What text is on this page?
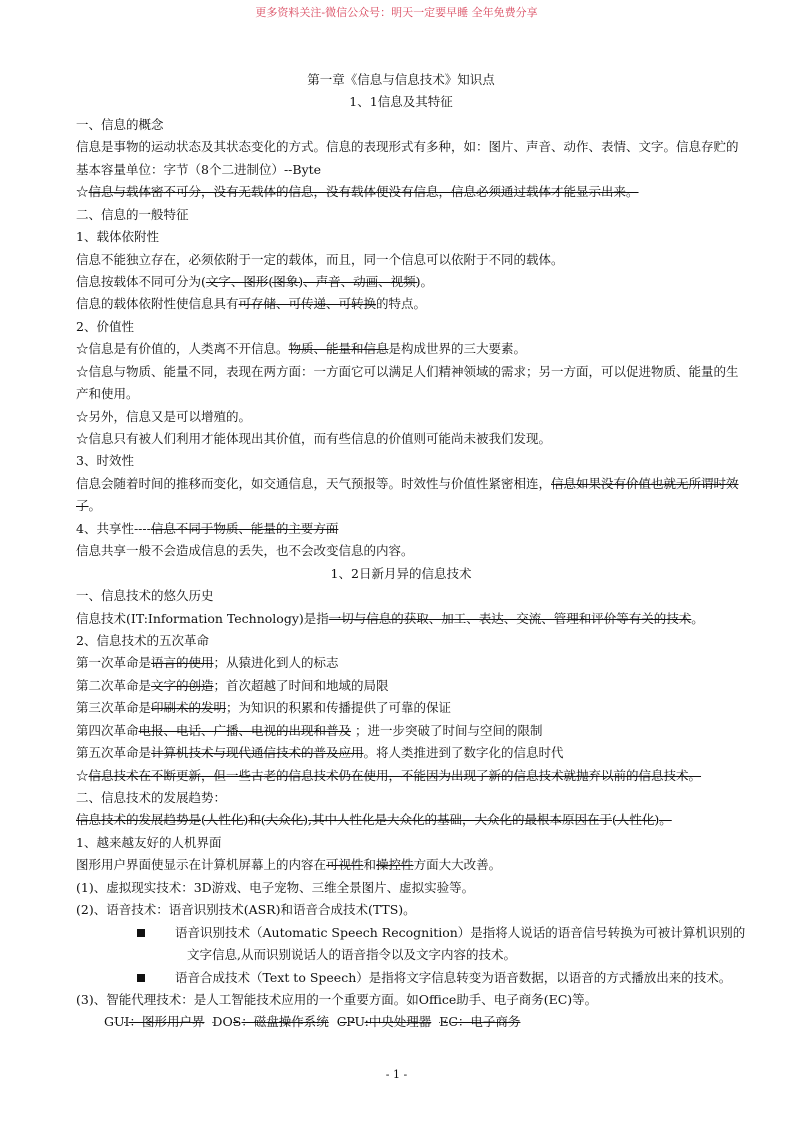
更多资料关注-微信公众号：明天一定要早睡 全年免费分享
第一章《信息与信息技术》知识点
1、1信息及其特征
一、信息的概念
信息是事物的运动状态及其状态变化的方式。信息的表现形式有多种，如：图片、声音、动作、表情、文字。信息存贮的
基本容量单位：字节（8个二进制位）--Byte
☆信息与载体密不可分，没有无载体的信息，没有载体便没有信息，信息必须通过载体才能显示出来。
二、信息的一般特征
1、载体依附性
信息不能独立存在，必须依附于一定的载体，而且，同一个信息可以依附于不同的载体。
信息按载体不同可分为(文字、图形(图象)、声音、动画、视频)。
信息的载体依附性使信息具有可存储、可传递、可转换的特点。
2、价值性
☆信息是有价值的，人类离不开信息。物质、能量和信息是构成世界的三大要素。
☆信息与物质、能量不同，表现在两方面：一方面它可以满足人们精神领域的需求；另一方面，可以促进物质、能量的生
产和使用。
☆另外，信息又是可以增殖的。
☆信息只有被人们利用才能体现出其价值，而有些信息的价值则可能尚未被我们发现。
3、时效性
信息会随着时间的推移而变化，如交通信息，天气预报等。时效性与价值性紧密相连，信息如果没有价值也就无所谓时效
了。
4、共享性----信息不同于物质、能量的主要方面
信息共享一般不会造成信息的丢失，也不会改变信息的内容。
1、2日新月异的信息技术
一、信息技术的悠久历史
信息技术(IT:Information Technology)是指一切与信息的获取、加工、表达、交流、管理和评价等有关的技术。
2、信息技术的五次革命
第一次革命是语言的使用；从猿进化到人的标志
第二次革命是文字的创造；首次超越了时间和地域的局限
第三次革命是印刷术的发明；为知识的积累和传播提供了可靠的保证
第四次革命电报、电话、广播、电视的出现和普及 ；进一步突破了时间与空间的限制
第五次革命是计算机技术与现代通信技术的普及应用。将人类推进到了数字化的信息时代
☆信息技术在不断更新，但一些古老的信息技术仍在使用，不能因为出现了新的信息技术就抛弃以前的信息技术。
二、信息技术的发展趋势：
信息技术的发展趋势是(人性化)和(大众化),其中人性化是大众化的基础，大众化的最根本原因在于(人性化)。
1、越来越友好的人机界面
图形用户界面使显示在计算机屏幕上的内容在可视性和操控性方面大大改善。
(1)、虚拟现实技术：3D游戏、电子宠物、三维全景图片、虚拟实验等。
(2)、语音技术：语音识别技术(ASR)和语音合成技术(TTS)。
语音识别技术（Automatic Speech Recognition）是指将人说话的语音信号转换为可被计算机识别的
文字信息,从而识别说话人的语音指令以及文字内容的技术。
语音合成技术（Text to Speech）是指将文字信息转变为语音数据，以语音的方式播放出来的技术。
(3)、智能代理技术：是人工智能技术应用的一个重要方面。如Office助手、电子商务(EC)等。
GUI：图形用户界 DOS：磁盘操作系统 CPU:中央处理器 EC：电子商务
- 1 -
